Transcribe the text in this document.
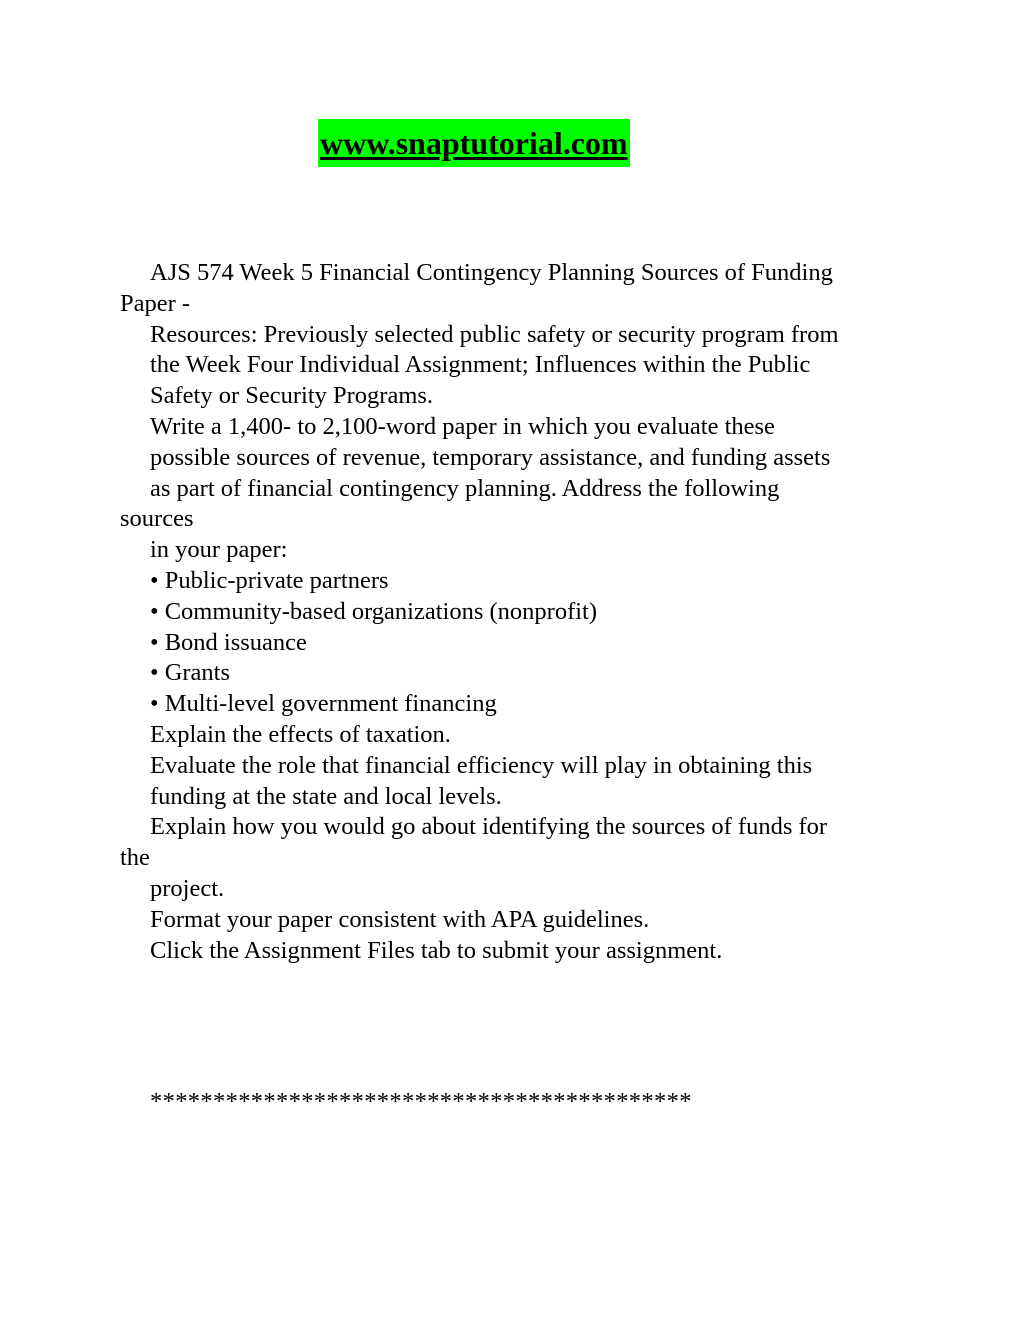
www.snaptutorial.com
AJS 574 Week 5 Financial Contingency Planning Sources of Funding
Paper -
Resources: Previously selected public safety or security program from
the Week Four Individual Assignment; Influences within the Public
Safety or Security Programs.
Write a 1,400- to 2,100-word paper in which you evaluate these
possible sources of revenue, temporary assistance, and funding assets
as part of financial contingency planning. Address the following
sources
in your paper:
• Public-private partners
• Community-based organizations (nonprofit)
• Bond issuance
• Grants
• Multi-level government financing
Explain the effects of taxation.
Evaluate the role that financial efficiency will play in obtaining this
funding at the state and local levels.
Explain how you would go about identifying the sources of funds for
the
project.
Format your paper consistent with APA guidelines.
Click the Assignment Files tab to submit your assignment.
*******************************************
